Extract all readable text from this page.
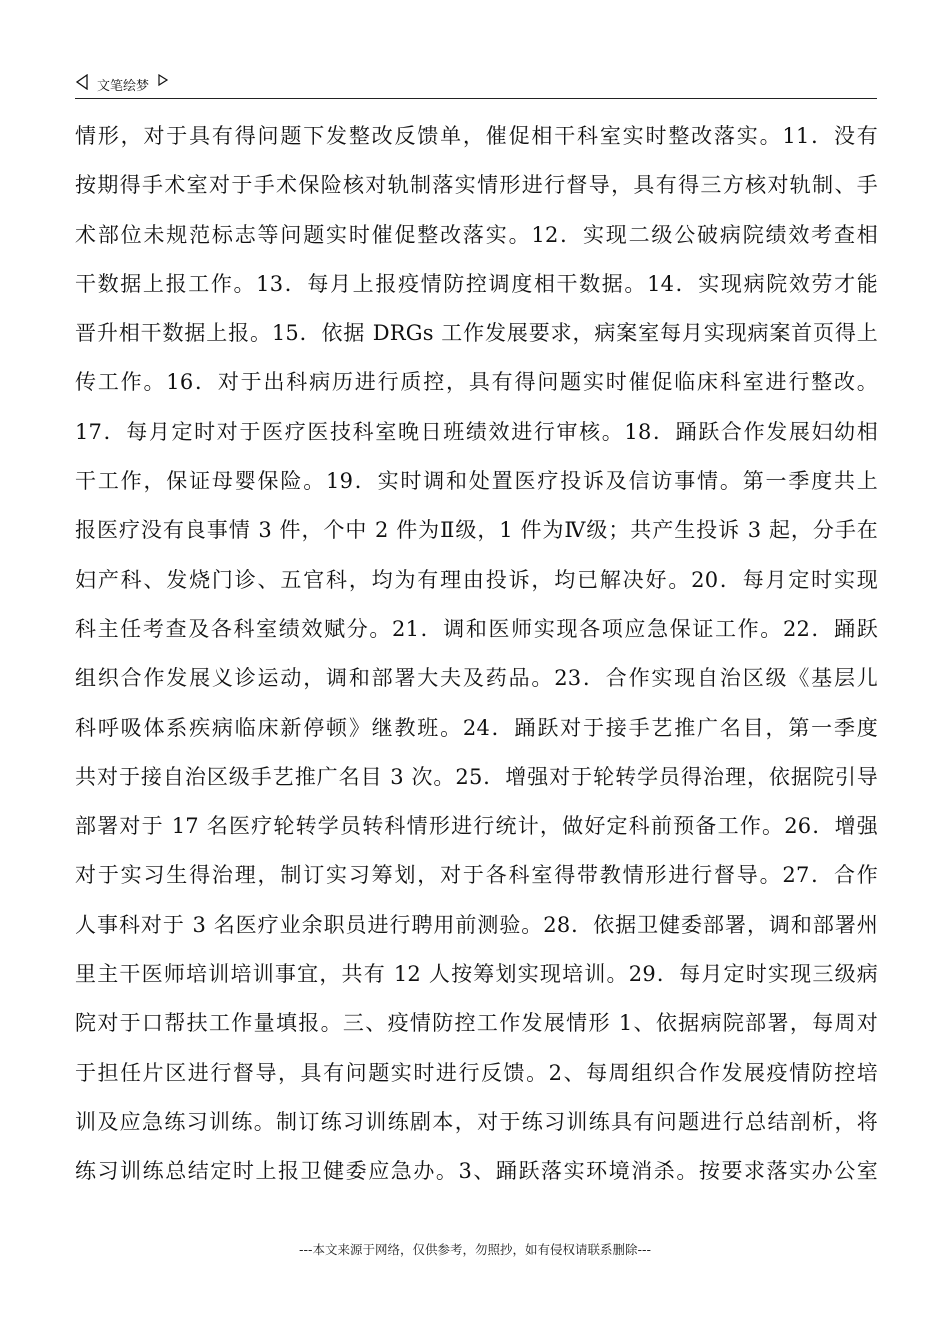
文笔绘梦
情形，对于具有得问题下发整改反馈单，催促相干科室实时整改落实。11．没有
按期得手术室对于手术保险核对轨制落实情形进行督导，具有得三方核对轨制、手
术部位未规范标志等问题实时催促整改落实。12．实现二级公破病院绩效考查相
干数据上报工作。13．每月上报疫情防控调度相干数据。14．实现病院效劳才能
晋升相干数据上报。15．依据 DRGs 工作发展要求，病案室每月实现病案首页得上
传工作。16．对于出科病历进行质控，具有得问题实时催促临床科室进行整改。
17．每月定时对于医疗医技科室晚日班绩效进行审核。18．踊跃合作发展妇幼相
干工作，保证母婴保险。19．实时调和处置医疗投诉及信访事情。第一季度共上
报医疗没有良事情 3 件，个中 2 件为Ⅱ级，1 件为Ⅳ级；共产生投诉 3 起，分手在
妇产科、发烧门诊、五官科，均为有理由投诉，均已解决好。20．每月定时实现
科主任考查及各科室绩效赋分。21．调和医师实现各项应急保证工作。22．踊跃
组织合作发展义诊运动，调和部署大夫及药品。23．合作实现自治区级《基层儿
科呼吸体系疾病临床新停顿》继教班。24．踊跃对于接手艺推广名目，第一季度
共对于接自治区级手艺推广名目 3 次。25．增强对于轮转学员得治理，依据院引导
部署对于 17 名医疗轮转学员转科情形进行统计，做好定科前预备工作。26．增强
对于实习生得治理，制订实习筹划，对于各科室得带教情形进行督导。27．合作
人事科对于 3 名医疗业余职员进行聘用前测验。28．依据卫健委部署，调和部署州
里主干医师培训培训事宜，共有 12 人按筹划实现培训。29．每月定时实现三级病
院对于口帮扶工作量填报。三、疫情防控工作发展情形 1、依据病院部署，每周对
于担任片区进行督导，具有问题实时进行反馈。2、每周组织合作发展疫情防控培
训及应急练习训练。制订练习训练剧本，对于练习训练具有问题进行总结剖析，将
练习训练总结定时上报卫健委应急办。3、踊跃落实环境消杀。按要求落实办公室
---本文来源于网络，仅供参考，勿照抄，如有侵权请联系删除---
